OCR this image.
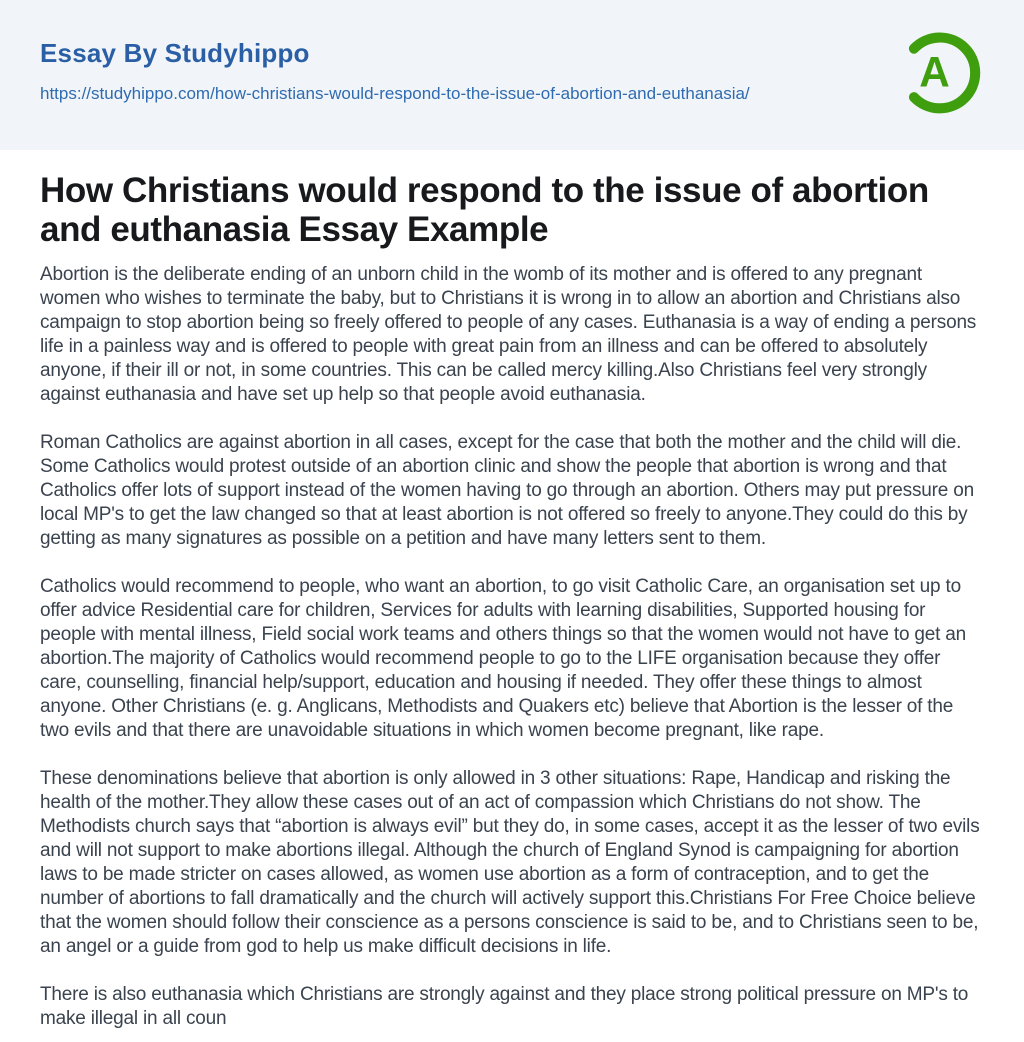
Essay By Studyhippo
https://studyhippo.com/how-christians-would-respond-to-the-issue-of-abortion-and-euthanasia/	A
How Christians would respond to the issue of abortion and euthanasia Essay Example

Abortion is the deliberate ending of an unborn child in the womb of its mother and is offered to any pregnant women who wishes to terminate the baby, but to Christians it is wrong in to allow an abortion and Christians also campaign to stop abortion being so freely offered to people of any cases. Euthanasia is a way of ending a persons life in a painless way and is offered to people with great pain from an illness and can be offered to absolutely anyone, if their ill or not, in some countries. This can be called mercy killing.Also Christians feel very strongly against euthanasia and have set up help so that people avoid euthanasia.

Roman Catholics are against abortion in all cases, except for the case that both the mother and the child will die. Some Catholics would protest outside of an abortion clinic and show the people that abortion is wrong and that Catholics offer lots of support instead of the women having to go through an abortion. Others may put pressure on local MP's to get the law changed so that at least abortion is not offered so freely to anyone.They could do this by getting as many signatures as possible on a petition and have many letters sent to them.

Catholics would recommend to people, who want an abortion, to go visit Catholic Care, an organisation set up to offer advice Residential care for children, Services for adults with learning disabilities, Supported housing for people with mental illness, Field social work teams and others things so that the women would not have to get an abortion.The majority of Catholics would recommend people to go to the LIFE organisation because they offer care, counselling, financial help/support, education and housing if needed. They offer these things to almost anyone. Other Christians (e. g. Anglicans, Methodists and Quakers etc) believe that Abortion is the lesser of the two evils and that there are unavoidable situations in which women become pregnant, like rape.

These denominations believe that abortion is only allowed in 3 other situations: Rape, Handicap and risking the health of the mother.They allow these cases out of an act of compassion which Christians do not show. The Methodists church says that “abortion is always evil” but they do, in some cases, accept it as the lesser of two evils and will not support to make abortions illegal. Although the church of England Synod is campaigning for abortion laws to be made stricter on cases allowed, as women use abortion as a form of contraception, and to get the number of abortions to fall dramatically and the church will actively support this.Christians For Free Choice believe that the women should follow their conscience as a persons conscience is said to be, and to Christians seen to be, an angel or a guide from god to help us make difficult decisions in life.

There is also euthanasia which Christians are strongly against and they place strong political pressure on MP's to make illegal in all coun
